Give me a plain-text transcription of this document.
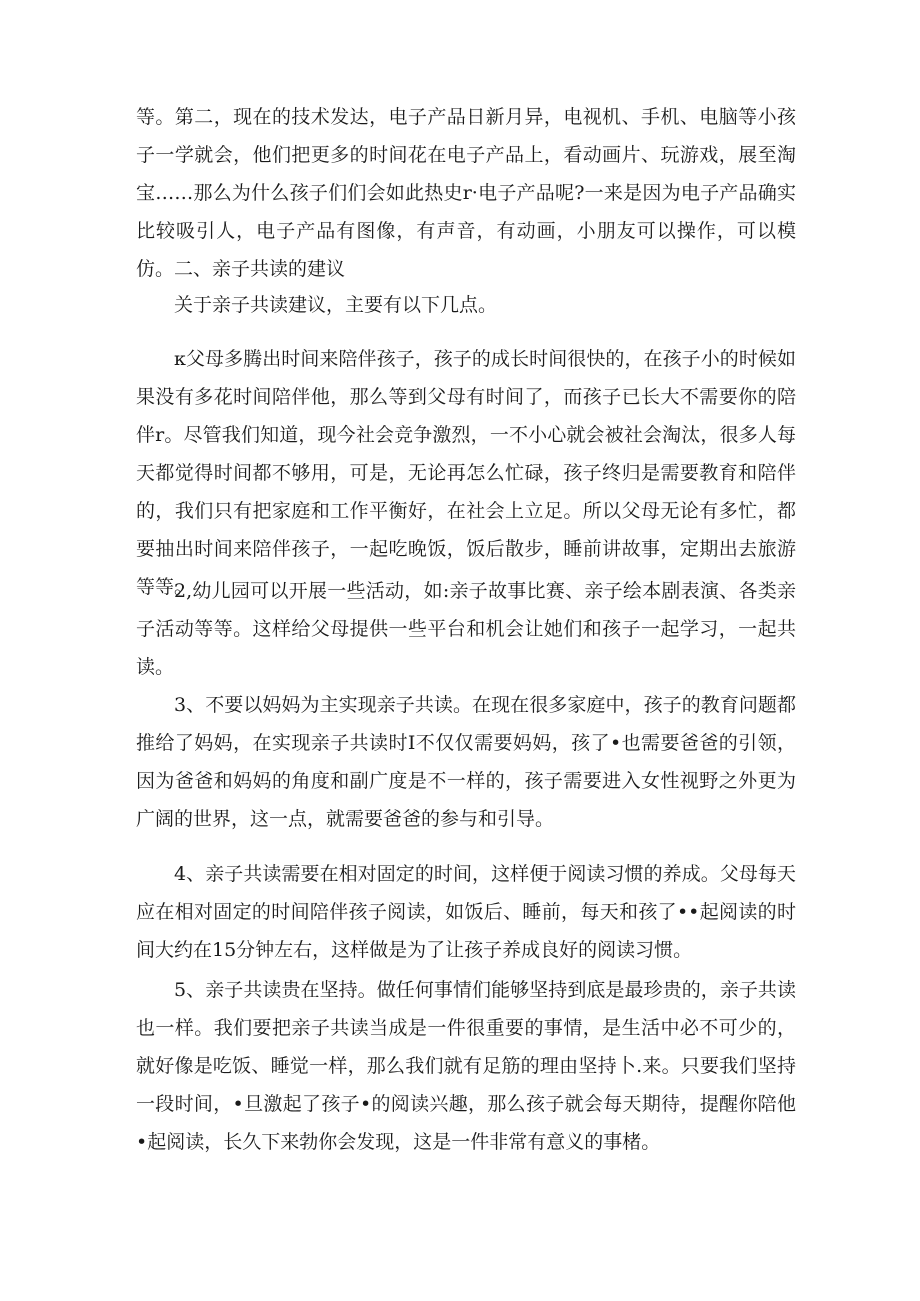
等。第二，现在的技术发达，电子产品日新月异，电视机、手机、电脑等小孩子一学就会，他们把更多的时间花在电子产品上，看动画片、玩游戏，展至淘宝……那么为什么孩子们们会如此热史r·电子产品呢?一来是因为电子产品确实比较吸引人，电子产品有图像，有声音，有动画，小朋友可以操作，可以模仿。 二、亲子共读的建议

关于亲子共读建议，主要有以下几点。

κ父母多腾出时间来陪伴孩子，孩子的成长时间很快的，在孩子小的时候如果没有多花时间陪伴他，那么等到父母有时间了，而孩子已长大不需要你的陪伴r。尽管我们知道，现今社会竞争激烈，一不小心就会被社会淘汰，很多人每天都觉得时间都不够用，可是，无论再怎么忙碌，孩子终归是需要教育和陪伴的，我们只有把家庭和工作平衡好，在社会上立足。所以父母无论有多忙，都要抽出时间来陪伴孩子，一起吃晚饭，饭后散步，睡前讲故事，定期出去旅游等等。

2,幼儿园可以开展一些活动，如:亲子故事比赛、亲子绘本剧表演、各类亲子活动等等。这样给父母提供一些平台和机会让她们和孩子一起学习，一起共读。

3、不要以妈妈为主实现亲子共读。在现在很多家庭中，孩子的教育问题都推给了妈妈，在实现亲子共读时I不仅仅需要妈妈，孩了•也需要爸爸的引领，因为爸爸和妈妈的角度和副广度是不一样的，孩子需要进入女性视野之外更为广阔的世界，这一点，就需要爸爸的参与和引导。

4、亲子共读需要在相对固定的时间，这样便于阅读习惯的养成。父母每天应在相对固定的时间陪伴孩子阅读，如饭后、睡前，每天和孩了••起阅读的时间大约在15分钟左右，这样做是为了让孩子养成良好的阅读习惯。

5、亲子共读贵在坚持。做任何事情们能够坚持到底是最珍贵的，亲子共读也一样。我们要把亲子共读当成是一件很重要的事情，是生活中必不可少的，就好像是吃饭、睡觉一样，那么我们就有足筋的理由坚持卜.来。只要我们坚持一段时间，•旦激起了孩子•的阅读兴趣，那么孩子就会每天期待，提醒你陪他•起阅读，长久下来勃你会发现，这是一件非常有意义的事楮。
